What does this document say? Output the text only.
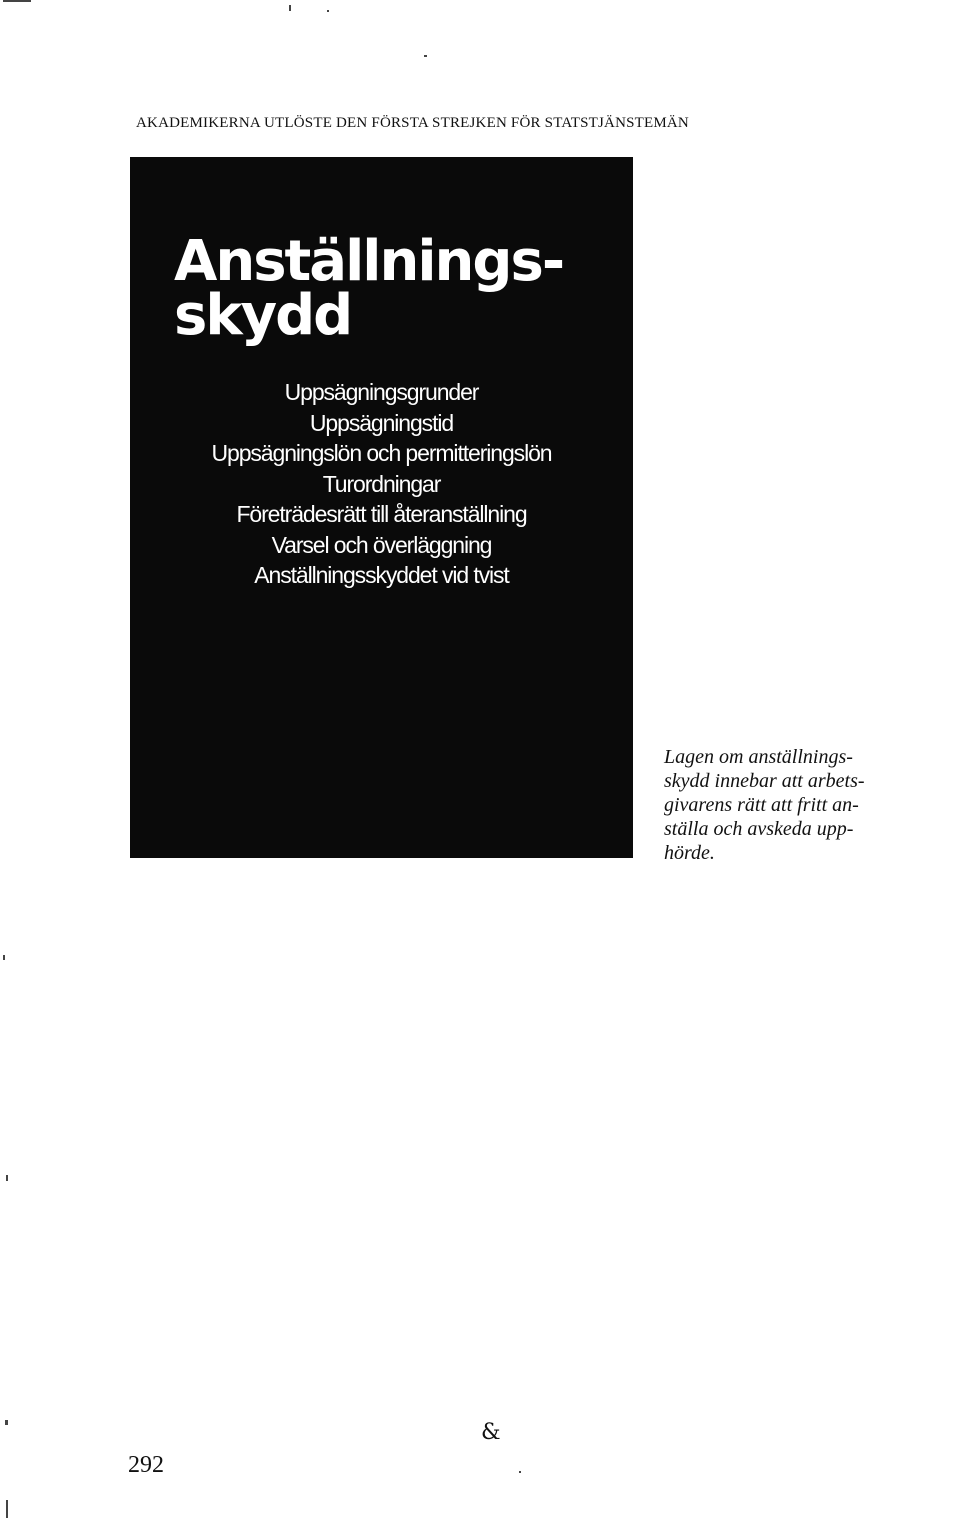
AKADEMIKERNA UTLÖSTE DEN FÖRSTA STREJKEN FÖR STATSTJÄNSTEMÄN
Anställnings-
skydd
Uppsägningsgrunder
Uppsägningstid
Uppsägningslön och permitteringslön
Turordningar
Företrädesrätt till återanställning
Varsel och överläggning
Anställningsskyddet vid tvist
Lagen om anställnings-
skydd innebar att arbets-
givarens rätt att fritt an-
ställa och avskeda upp-
hörde.
&
292
